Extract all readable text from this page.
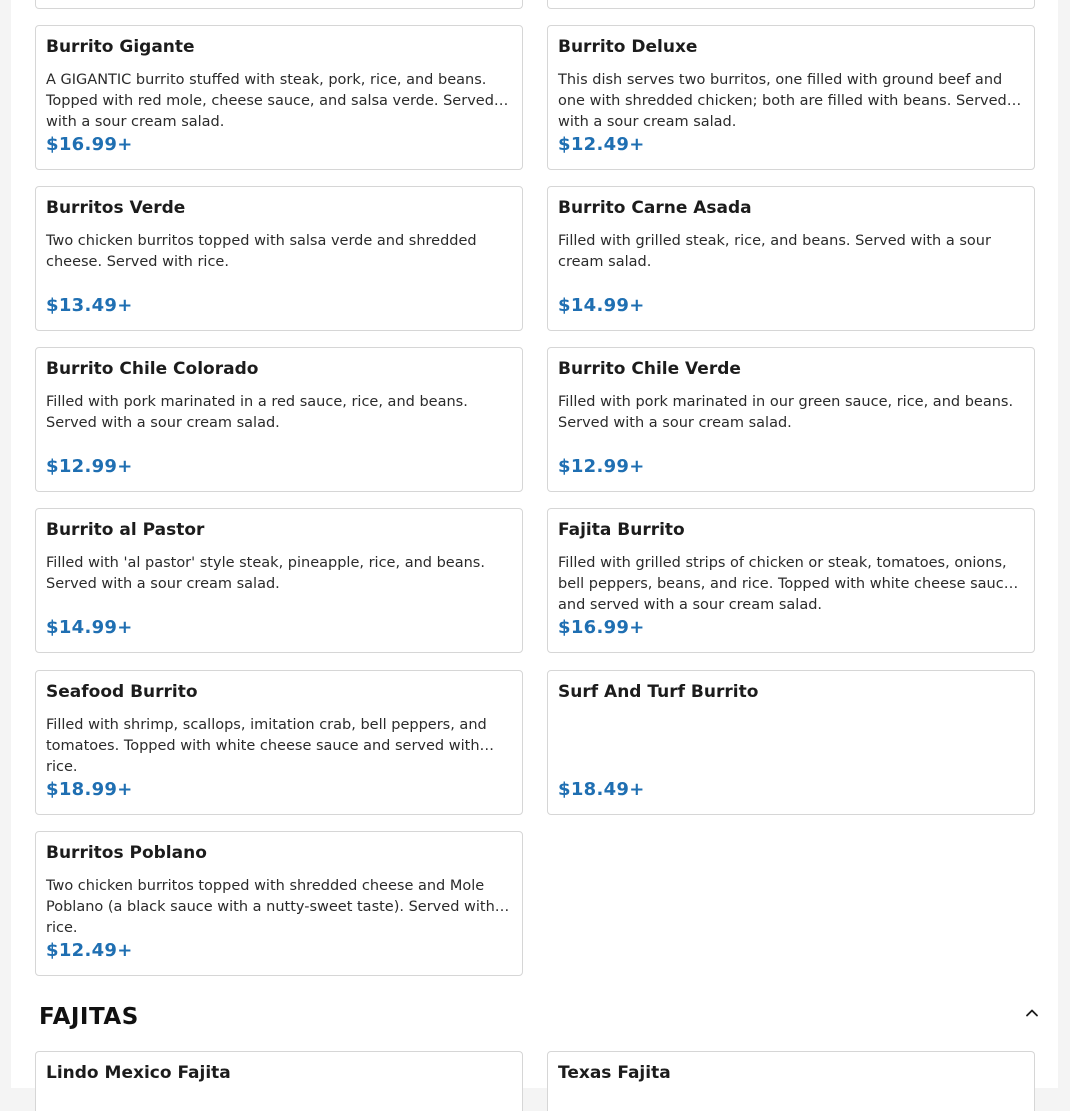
Burrito Gigante
A GIGANTIC burrito stuffed with steak, pork, rice, and beans. Topped with red mole, cheese sauce, and salsa verde. Served with a sour cream salad.
$16.99+
Burrito Deluxe
This dish serves two burritos, one filled with ground beef and one with shredded chicken; both are filled with beans. Served with a sour cream salad.
$12.49+
Burritos Verde
Two chicken burritos topped with salsa verde and shredded cheese. Served with rice.
$13.49+
Burrito Carne Asada
Filled with grilled steak, rice, and beans. Served with a sour cream salad.
$14.99+
Burrito Chile Colorado
Filled with pork marinated in a red sauce, rice, and beans. Served with a sour cream salad.
$12.99+
Burrito Chile Verde
Filled with pork marinated in our green sauce, rice, and beans. Served with a sour cream salad.
$12.99+
Burrito al Pastor
Filled with 'al pastor' style steak, pineapple, rice, and beans. Served with a sour cream salad.
$14.99+
Fajita Burrito
Filled with grilled strips of chicken or steak, tomatoes, onions, bell peppers, beans, and rice. Topped with white cheese sauce and served with a sour cream salad.
$16.99+
Seafood Burrito
Filled with shrimp, scallops, imitation crab, bell peppers, and tomatoes. Topped with white cheese sauce and served with rice.
$18.99+
Surf And Turf Burrito
$18.49+
Burritos Poblano
Two chicken burritos topped with shredded cheese and Mole Poblano (a black sauce with a nutty-sweet taste). Served with rice.
$12.49+
FAJITAS
Lindo Mexico Fajita	Texas Fajita
